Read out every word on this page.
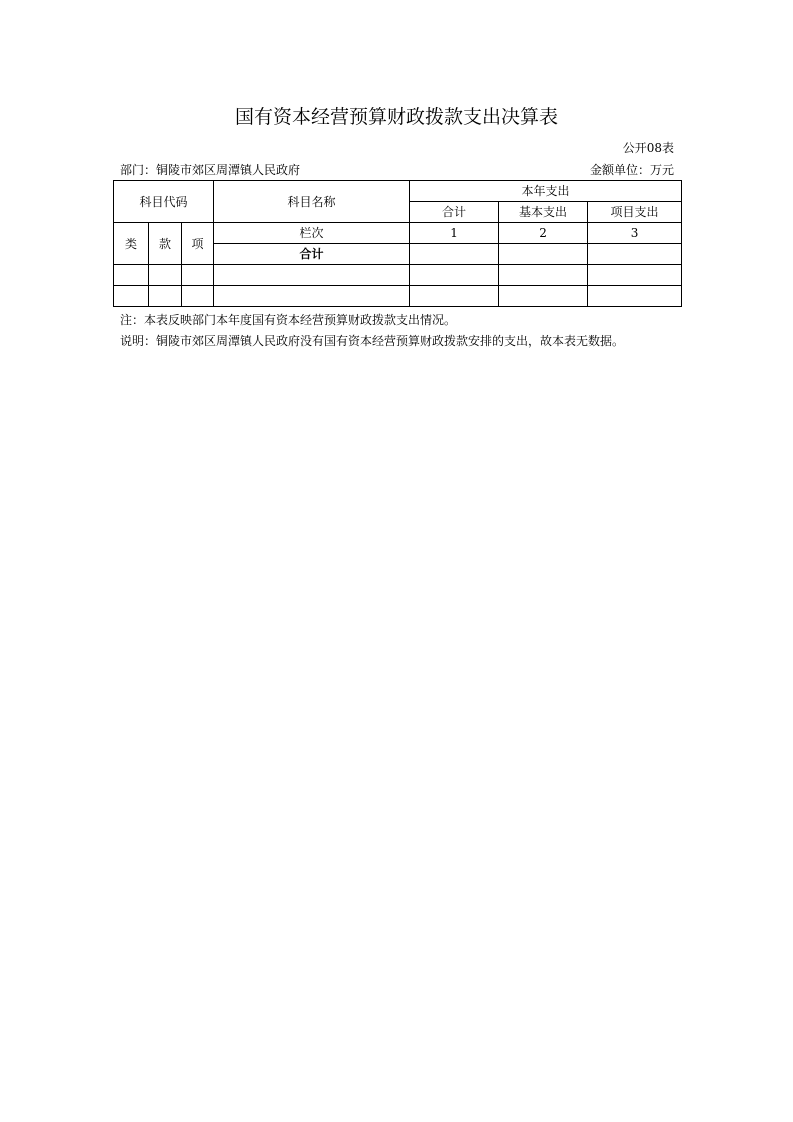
国有资本经营预算财政拨款支出决算表
公开08表
部门：铜陵市郊区周潭镇人民政府	金额单位：万元
科目代码			科目名称	本年支出		
				合计	基本支出	项目支出
类	款	项	栏次	1	2	3
			合计			

注：本表反映部门本年度国有资本经营预算财政拨款支出情况。
说明：铜陵市郊区周潭镇人民政府没有国有资本经营预算财政拨款安排的支出，故本表无数据。
